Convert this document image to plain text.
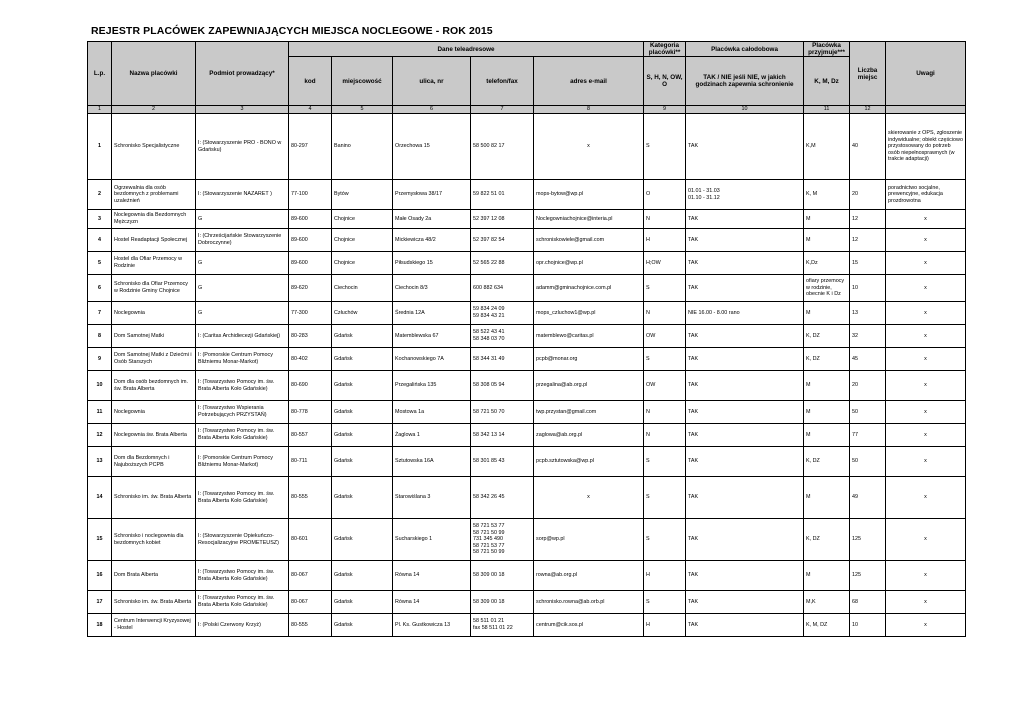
REJESTR PLACÓWEK ZAPEWNIAJĄCYCH MIEJSCA NOCLEGOWE - ROK 2015
L.p.	Nazwa placówki	Podmiot prowadzący*	Dane teleadresowe					Kategoria placówki**	Placówka całodobowa	Placówka przyjmuje***	Liczba miejsc	Uwagi
			kod	miejscowość	ulica, nr	telefon/fax	adres e-mail	S, H, N, OW, O	TAK / NIE jeśli NIE, w jakich godzinach zapewnia schronienie	K, M, Dz		

1	2	3	4	5	6	7	8	9	10	11	12	
1	Schronisko Specjalistyczne	I: (Stowarzyszenie PRO - BONO w Gdańsku)	80-297	Banino	Orzechowa 15	58 500 82 17	x	S	TAK	K,M	40	skierowanie z OPS, zgłoszenie indywidualne; obiekt częściowo przystosowany do potrzeb osób niepełnosprawnych (w trakcie adaptacji)
2	Ogrzewalnia dla osób bezdomnych z problemami uzależnień	I: (Stowarzyszenie NAZARET )	77-100	Bytów	Przemysłowa 38/17	59 822 51 01	mops-bytow@wp.pl	O	01.01 - 31.03
01.10 - 31.12	K, M	20	poradnictwo socjalne, prewencyjne, edukacja prozdrowotna
3	Noclegownia dla Bezdomnych Mężczyzn	G	89-600	Chojnice	Małe Osady 2a	52 397 12 08	Noclegowniachojnice@interia.pl	N	TAK	M	12	x
4	Hostel Readaptacji Społecznej	I: (Chrześcijańskie Stowarzyszenie Dobroczynne)	89-600	Chojnice	Mickiewicza 48/2	52 397 82 54	schroniskowiele@gmail.com	H	TAK	M	12	x
5	Hostel dla Ofiar Przemocy w Rodzinie	G	89-600	Chojnice	Piłsudskiego 15	52 565 22 88	opr.chojnice@wp.pl	H;OW	TAK	K,Dz	15	x
6	Schronisko dla Ofiar Przemocy w Rodzinie Gminy Chojnice	G	89-620	Ciechocin	Ciechocin 8/3	600 882 634	adamm@gminachojnice.com.pl	S	TAK	ofiary przemocy w rodzinie, obecnie K i Dz	10	x
7	Noclegownia	G	77-300	Człuchów	Średnia 12A	59 834 24 09
59 834 43 21	mops_czluchow1@wp.pl	N	NIE 16.00 - 8.00 rano	M	13	x
8	Dom Samotnej Matki	I: (Caritas Archidiecezji Gdańskiej)	80-283	Gdańsk	Matemblewska 67	58 522 43 41
58 348 03 70	matemblewo@caritas.pl	OW	TAK	K, DZ	32	x
9	Dom Samotnej Matki z Dziećmi i Osób Starszych	I: (Pomorskie Centrum Pomocy Bliźniemu Monar-Markot)	80-402	Gdańsk	Kochanowskiego 7A	58 344 31 49	pcpb@monar.org	S	TAK	K, DZ	45	x
10	Dom dla osób bezdomnych im. św. Brata Alberta	I: (Towarzystwo Pomocy im. św. Brata Alberta Koło Gdańskie)	80-690	Gdańsk	Przegalińska 135	58 308 05 94	przegalina@ab.org.pl	OW	TAK	M	20	x
11	Noclegownia	I: (Towarzystwo Wspierania Potrzebujących PRZYSTAŃ)	80-778	Gdańsk	Mostowa 1a	58 721 50 70	twp.przystan@gmail.com	N	TAK	M	50	x
12	Noclegownia św. Brata Alberta	I: (Towarzystwo Pomocy im. św. Brata Alberta Koło Gdańskie)	80-557	Gdańsk	Żaglowa 1	58 342 13 14	zaglowa@ab.org.pl	N	TAK	M	77	x
13	Dom dla Bezdomnych i Najuboższych PCPB	I: (Pomorskie Centrum Pomocy Bliźniemu Monar-Markot)	80-711	Gdańsk	Sztutowska 16A	58 301 85 43	pcpb.sztutowska@wp.pl	S	TAK	K, DZ	50	x
14	Schronisko im. św. Brata Alberta	I: (Towarzystwo Pomocy im. św. Brata Alberta Koło Gdańskie)	80-555	Gdańsk	Starowiślana 3	58 342 26 45	x	S	TAK	M	49	x
15	Schronisko i noclegownia dla bezdomnych kobiet	I: (Stowarzyszenie Opiekuńczo-Resocjalizacyjne PROMETEUSZ)	80-601	Gdańsk	Sucharskiego 1	58 721 53 77
58 721 50 99
731 345 490
58 721 53 77
58 721 50 99	sorp@wp.pl	S	TAK	K, DZ	125	x
16	Dom Brata Alberta	I: (Towarzystwo Pomocy im. św. Brata Alberta Koło Gdańskie)	80-067	Gdańsk	Równa 14	58 309 00 18	rowna@ab.org.pl	H	TAK	M	125	x
17	Schronisko im. św. Brata Alberta	I: (Towarzystwo Pomocy im. św. Brata Alberta Koło Gdańskie)	80-067	Gdańsk	Równa 14	58 309 00 18	schronisko.rowna@ab.orb.pl	S	TAK	M,K	68	x
18	Centrum Interwencji Kryzysowej - Hostel	I: (Polski Czerwony Krzyż)	80-555	Gdańsk	Pl. Ks. Gustkowicza 13	58 511 01 21
fax 58 511 01 22	centrum@cik.sos.pl	H	TAK	K, M, DZ	10	x
